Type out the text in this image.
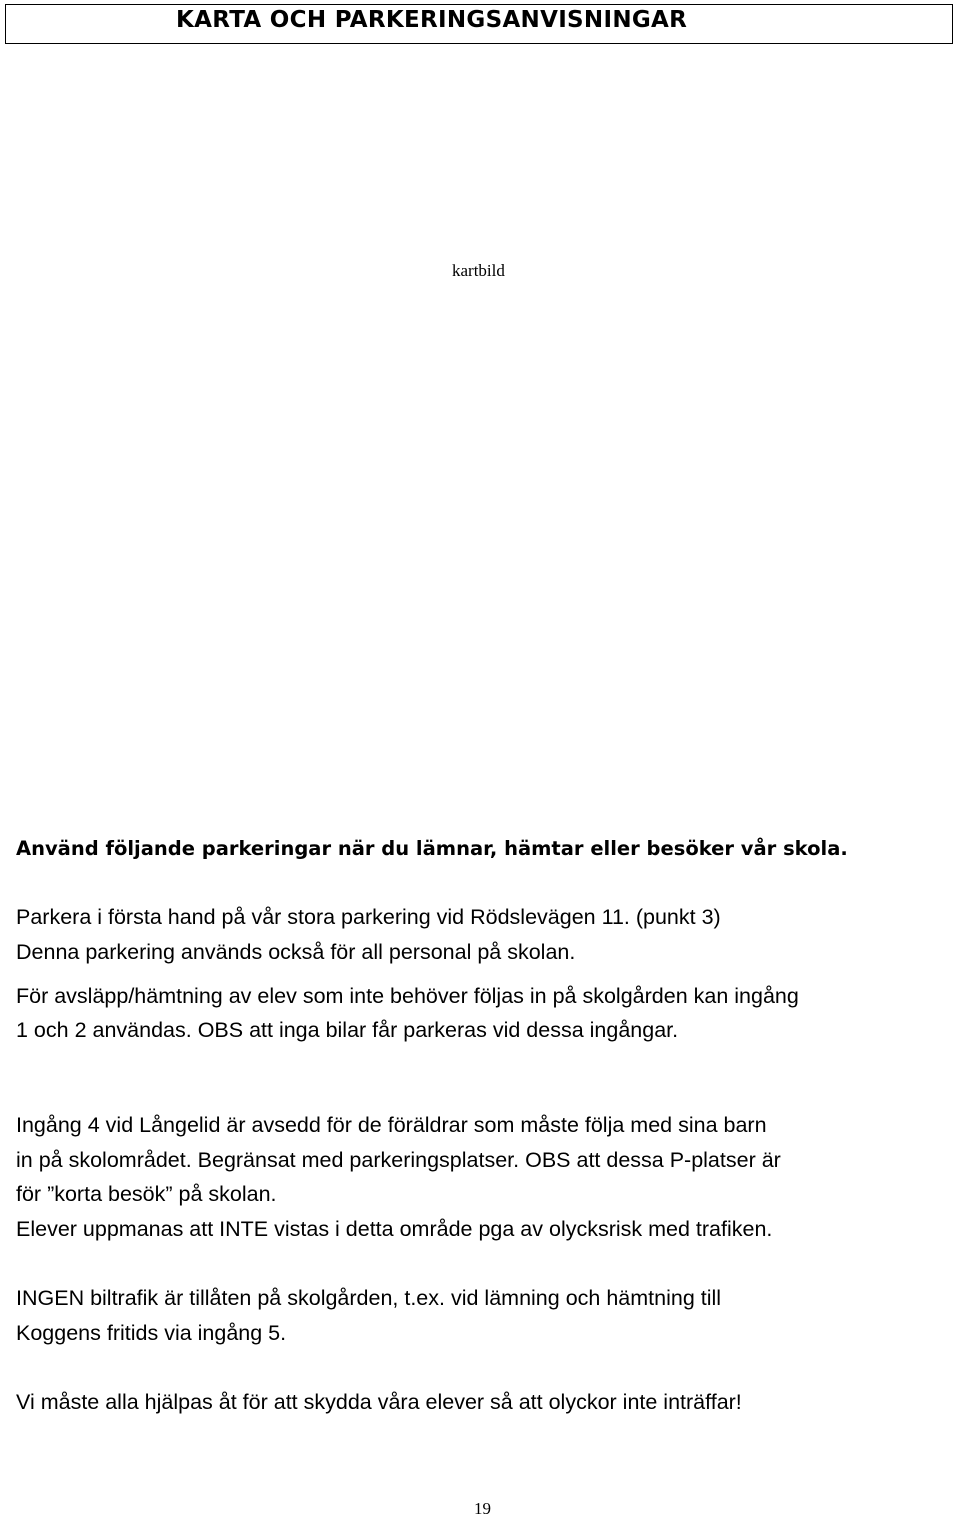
KARTA OCH PARKERINGSANVISNINGAR
kartbild

Använd följande parkeringar när du lämnar, hämtar eller besöker vår skola.

Parkera i första hand på vår stora parkering vid Rödslevägen 11. (punkt 3)

Denna parkering används också för all personal på skolan.

För avsläpp/hämtning av elev som inte behöver följas in på skolgården kan ingång

1 och 2 användas. OBS att inga bilar får parkeras vid dessa ingångar.

Ingång 4 vid Långelid är avsedd för de föräldrar som måste följa med sina barn

in på skolområdet. Begränsat med parkeringsplatser. OBS att dessa P-platser är

för ”korta besök” på skolan.

Elever uppmanas att INTE vistas i detta område pga av olycksrisk med trafiken.

INGEN biltrafik är tillåten på skolgården, t.ex. vid lämning och hämtning till

Koggens fritids via ingång 5.

Vi måste alla hjälpas åt för att skydda våra elever så att olyckor inte inträffar!

19
